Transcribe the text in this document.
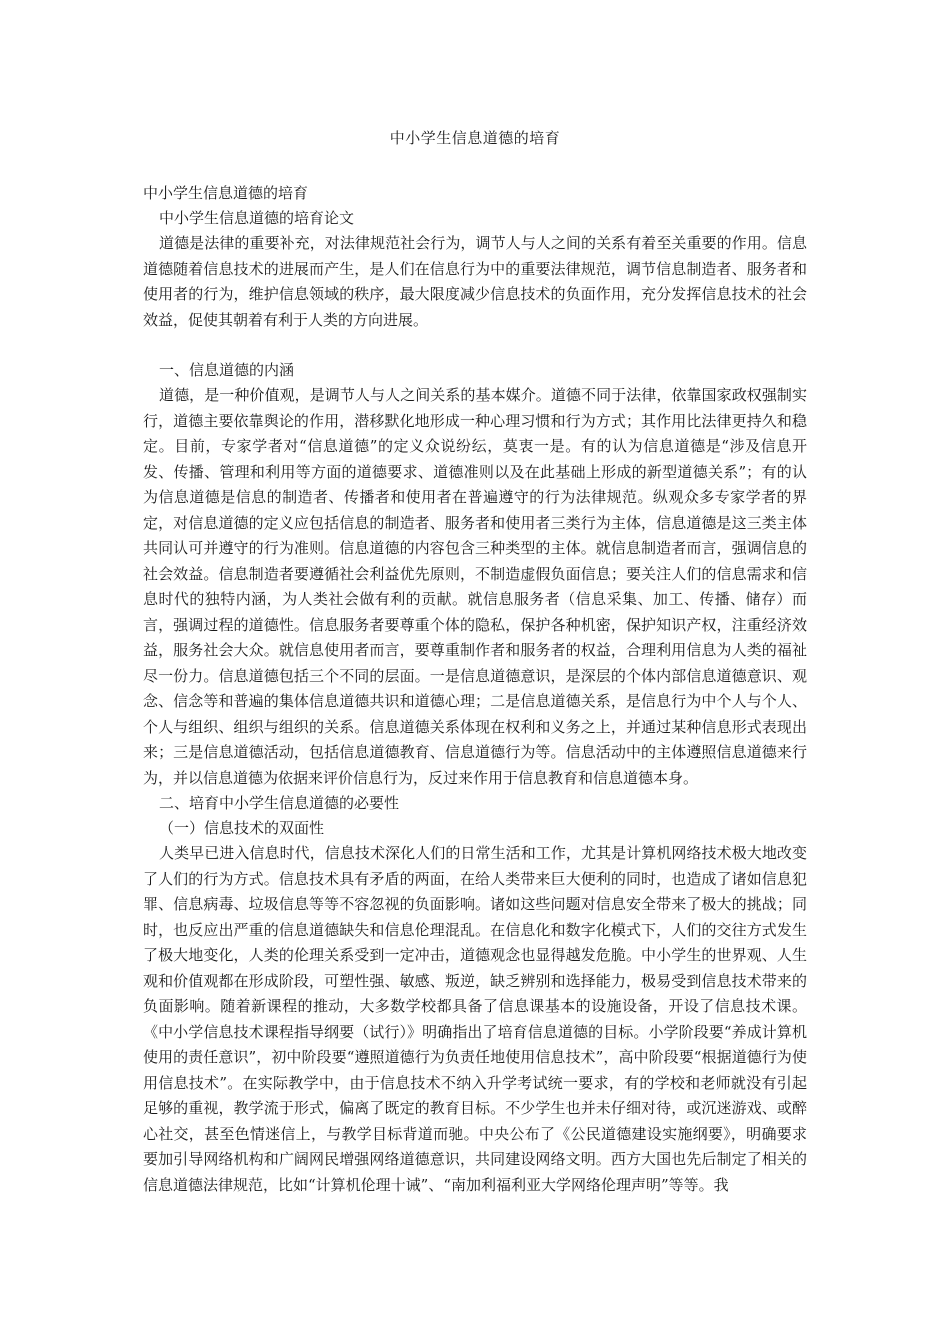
中小学生信息道德的培育

中小学生信息道德的培育

中小学生信息道德的培育论文

道德是法律的重要补充，对法律规范社会行为，调节人与人之间的关系有着至关重要的作用。信息道德随着信息技术的进展而产生，是人们在信息行为中的重要法律规范，调节信息制造者、服务者和使用者的行为，维护信息领域的秩序，最大限度减少信息技术的负面作用，充分发挥信息技术的社会效益，促使其朝着有利于人类的方向进展。

一、信息道德的内涵

道德，是一种价值观，是调节人与人之间关系的基本媒介。道德不同于法律，依靠国家政权强制实行，道德主要依靠舆论的作用，潜移默化地形成一种心理习惯和行为方式；其作用比法律更持久和稳定。目前，专家学者对“信息道德”的定义众说纷纭，莫衷一是。有的认为信息道德是“涉及信息开发、传播、管理和利用等方面的道德要求、道德准则以及在此基础上形成的新型道德关系”；有的认为信息道德是信息的制造者、传播者和使用者在普遍遵守的行为法律规范。纵观众多专家学者的界定，对信息道德的定义应包括信息的制造者、服务者和使用者三类行为主体，信息道德是这三类主体共同认可并遵守的行为准则。信息道德的内容包含三种类型的主体。就信息制造者而言，强调信息的社会效益。信息制造者要遵循社会利益优先原则，不制造虚假负面信息；要关注人们的信息需求和信息时代的独特内涵，为人类社会做有利的贡献。就信息服务者（信息采集、加工、传播、储存）而言，强调过程的道德性。信息服务者要尊重个体的隐私，保护各种机密，保护知识产权，注重经济效益，服务社会大众。就信息使用者而言，要尊重制作者和服务者的权益，合理利用信息为人类的福祉尽一份力。信息道德包括三个不同的层面。一是信息道德意识，是深层的个体内部信息道德意识、观念、信念等和普遍的集体信息道德共识和道德心理；二是信息道德关系，是信息行为中个人与个人、个人与组织、组织与组织的关系。信息道德关系体现在权利和义务之上，并通过某种信息形式表现出来；三是信息道德活动，包括信息道德教育、信息道德行为等。信息活动中的主体遵照信息道德来行为，并以信息道德为依据来评价信息行为，反过来作用于信息教育和信息道德本身。

二、培育中小学生信息道德的必要性

（一）信息技术的双面性

人类早已进入信息时代，信息技术深化人们的日常生活和工作，尤其是计算机网络技术极大地改变了人们的行为方式。信息技术具有矛盾的两面，在给人类带来巨大便利的同时，也造成了诸如信息犯罪、信息病毒、垃圾信息等等不容忽视的负面影响。诸如这些问题对信息安全带来了极大的挑战；同时，也反应出严重的信息道德缺失和信息伦理混乱。在信息化和数字化模式下，人们的交往方式发生了极大地变化，人类的伦理关系受到一定冲击，道德观念也显得越发危脆。中小学生的世界观、人生观和价值观都在形成阶段，可塑性强、敏感、叛逆，缺乏辨别和选择能力，极易受到信息技术带来的负面影响。随着新课程的推动，大多数学校都具备了信息课基本的设施设备，开设了信息技术课。《中小学信息技术课程指导纲要（试行）》明确指出了培育信息道德的目标。小学阶段要“养成计算机使用的责任意识”，初中阶段要“遵照道德行为负责任地使用信息技术”，高中阶段要“根据道德行为使用信息技术”。在实际教学中，由于信息技术不纳入升学考试统一要求，有的学校和老师就没有引起足够的重视，教学流于形式，偏离了既定的教育目标。不少学生也并未仔细对待，或沉迷游戏、或醉心社交，甚至色情迷信上，与教学目标背道而驰。中央公布了《公民道德建设实施纲要》，明确要求要加引导网络机构和广阔网民增强网络道德意识，共同建设网络文明。西方大国也先后制定了相关的信息道德法律规范，比如“计算机伦理十诫”、“南加利福利亚大学网络伦理声明”等等。我
